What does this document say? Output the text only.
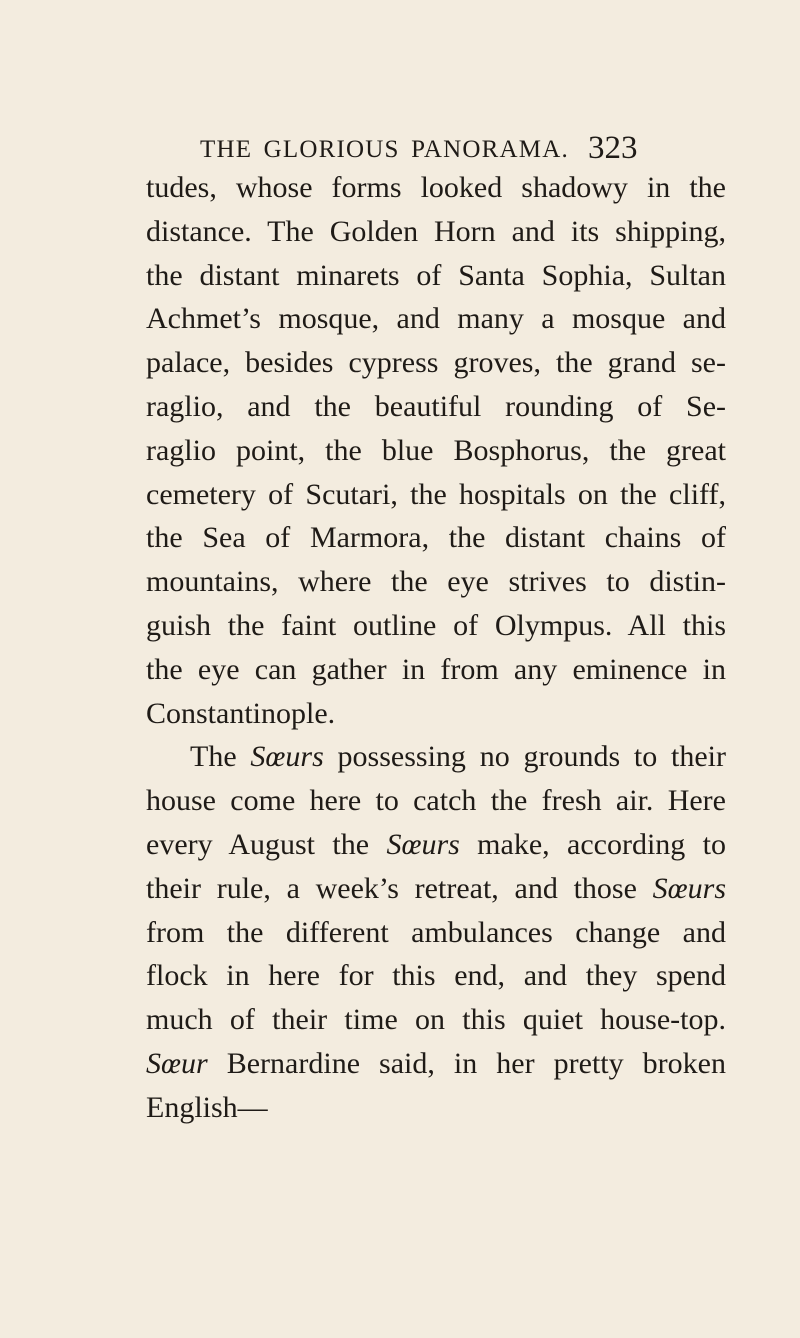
THE GLORIOUS PANORAMA. 323
tudes, whose forms looked shadowy in the
distance. The Golden Horn and its shipping,
the distant minarets of Santa Sophia, Sultan
Achmet’s mosque, and many a mosque and
palace, besides cypress groves, the grand se-
raglio, and the beautiful rounding of Se-
raglio point, the blue Bosphorus, the great
cemetery of Scutari, the hospitals on the cliff,
the Sea of Marmora, the distant chains of
mountains, where the eye strives to distin-
guish the faint outline of Olympus. All this
the eye can gather in from any eminence in
Constantinople.
The Sœurs possessing no grounds to their
house come here to catch the fresh air. Here
every August the Sœurs make, according to
their rule, a week’s retreat, and those Sœurs
from the different ambulances change and
flock in here for this end, and they spend
much of their time on this quiet house-top.
Sœur Bernardine said, in her pretty broken
English—
